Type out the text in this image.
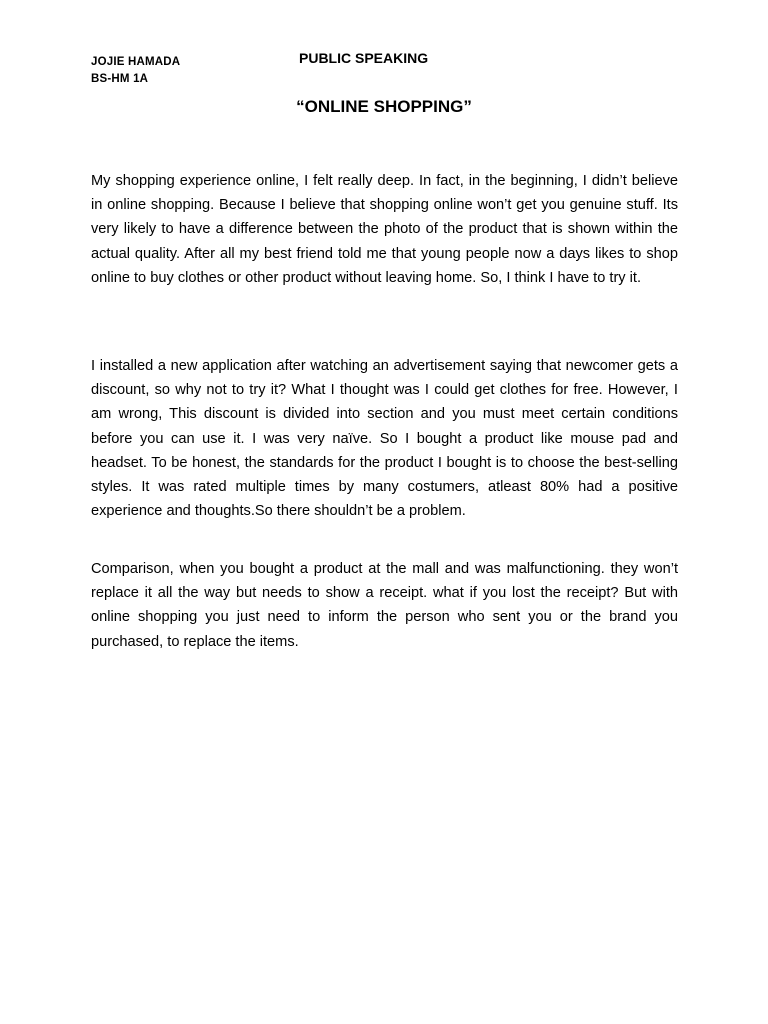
JOJIE HAMADA
BS-HM 1A
PUBLIC SPEAKING
“ONLINE SHOPPING”

My shopping experience online, I felt really deep. In fact, in the beginning, I didn’t believe in online shopping. Because I believe that shopping online won’t get you genuine stuff. Its very likely to have a difference between the photo of the product that is shown within the actual quality. After all my best friend told me that young people now a days likes to shop online to buy clothes or other product without leaving home. So, I think I have to try it.

I installed a new application after watching an advertisement saying that newcomer gets a discount, so why not to try it? What I thought was I could get clothes for free. However, I am wrong, This discount is divided into section and you must meet certain conditions before you can use it. I was very naïve. So I bought a product like mouse pad and headset. To be honest, the standards for the product I bought is to choose the best-selling styles. It was rated multiple times by many costumers, atleast 80% had a positive experience and thoughts.So there shouldn’t be a problem.

Comparison, when you bought a product at the mall and was malfunctioning. they won’t replace it all the way but needs to show a receipt. what if you lost the receipt? But with online shopping you just need to inform the person who sent you or the brand you purchased, to replace the items.
